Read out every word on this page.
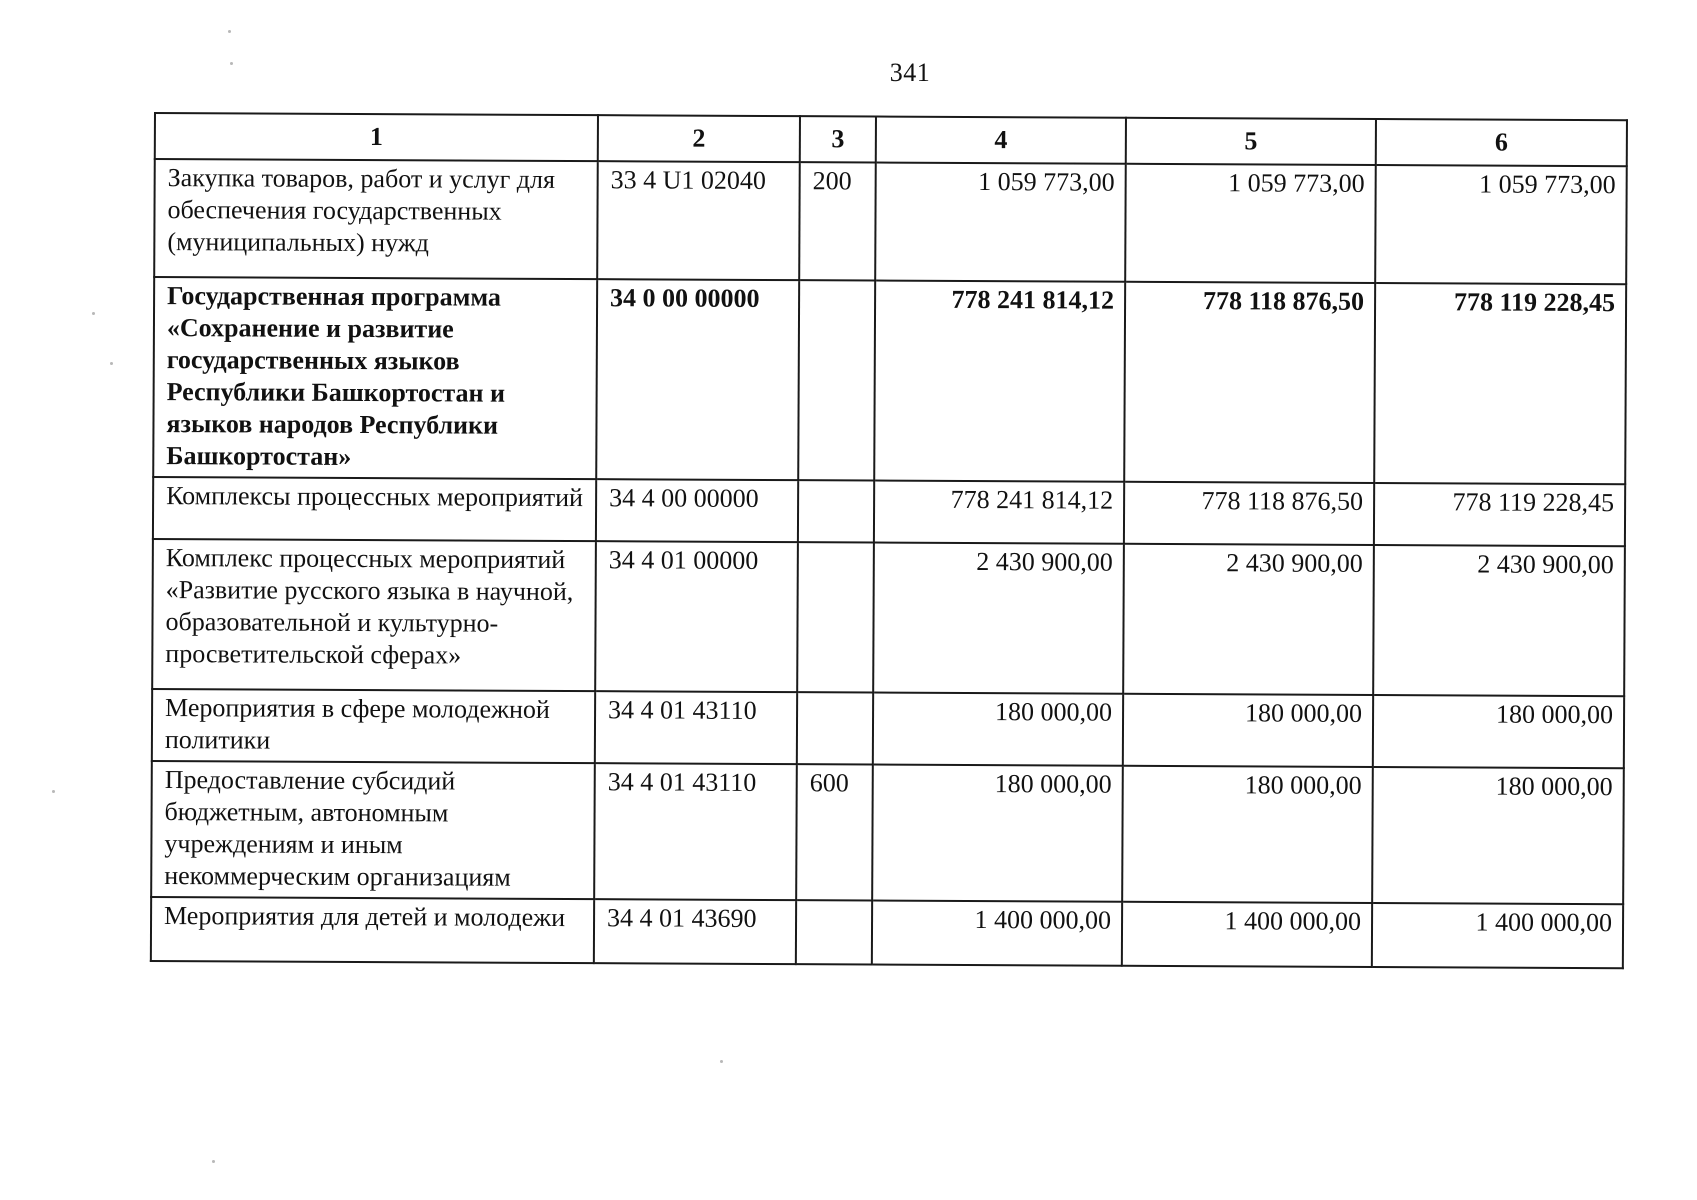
341
1	2	3	4	5	6
Закупка товаров, работ и услуг для обеспечения государственных (муниципальных) нужд	33 4 U1 02040	200	1 059 773,00	1 059 773,00	1 059 773,00
Государственная программа «Сохранение и развитие государственных языков Республики Башкортостан и языков народов Республики Башкортостан»	34 0 00 00000		778 241 814,12	778 118 876,50	778 119 228,45
Комплексы процессных мероприятий	34 4 00 00000		778 241 814,12	778 118 876,50	778 119 228,45
Комплекс процессных мероприятий «Развитие русского языка в научной, образовательной и культурно-просветительской сферах»	34 4 01 00000		2 430 900,00	2 430 900,00	2 430 900,00
Мероприятия в сфере молодежной политики	34 4 01 43110		180 000,00	180 000,00	180 000,00
Предоставление субсидий бюджетным, автономным учреждениям и иным некоммерческим организациям	34 4 01 43110	600	180 000,00	180 000,00	180 000,00
Мероприятия для детей и молодежи	34 4 01 43690		1 400 000,00	1 400 000,00	1 400 000,00
